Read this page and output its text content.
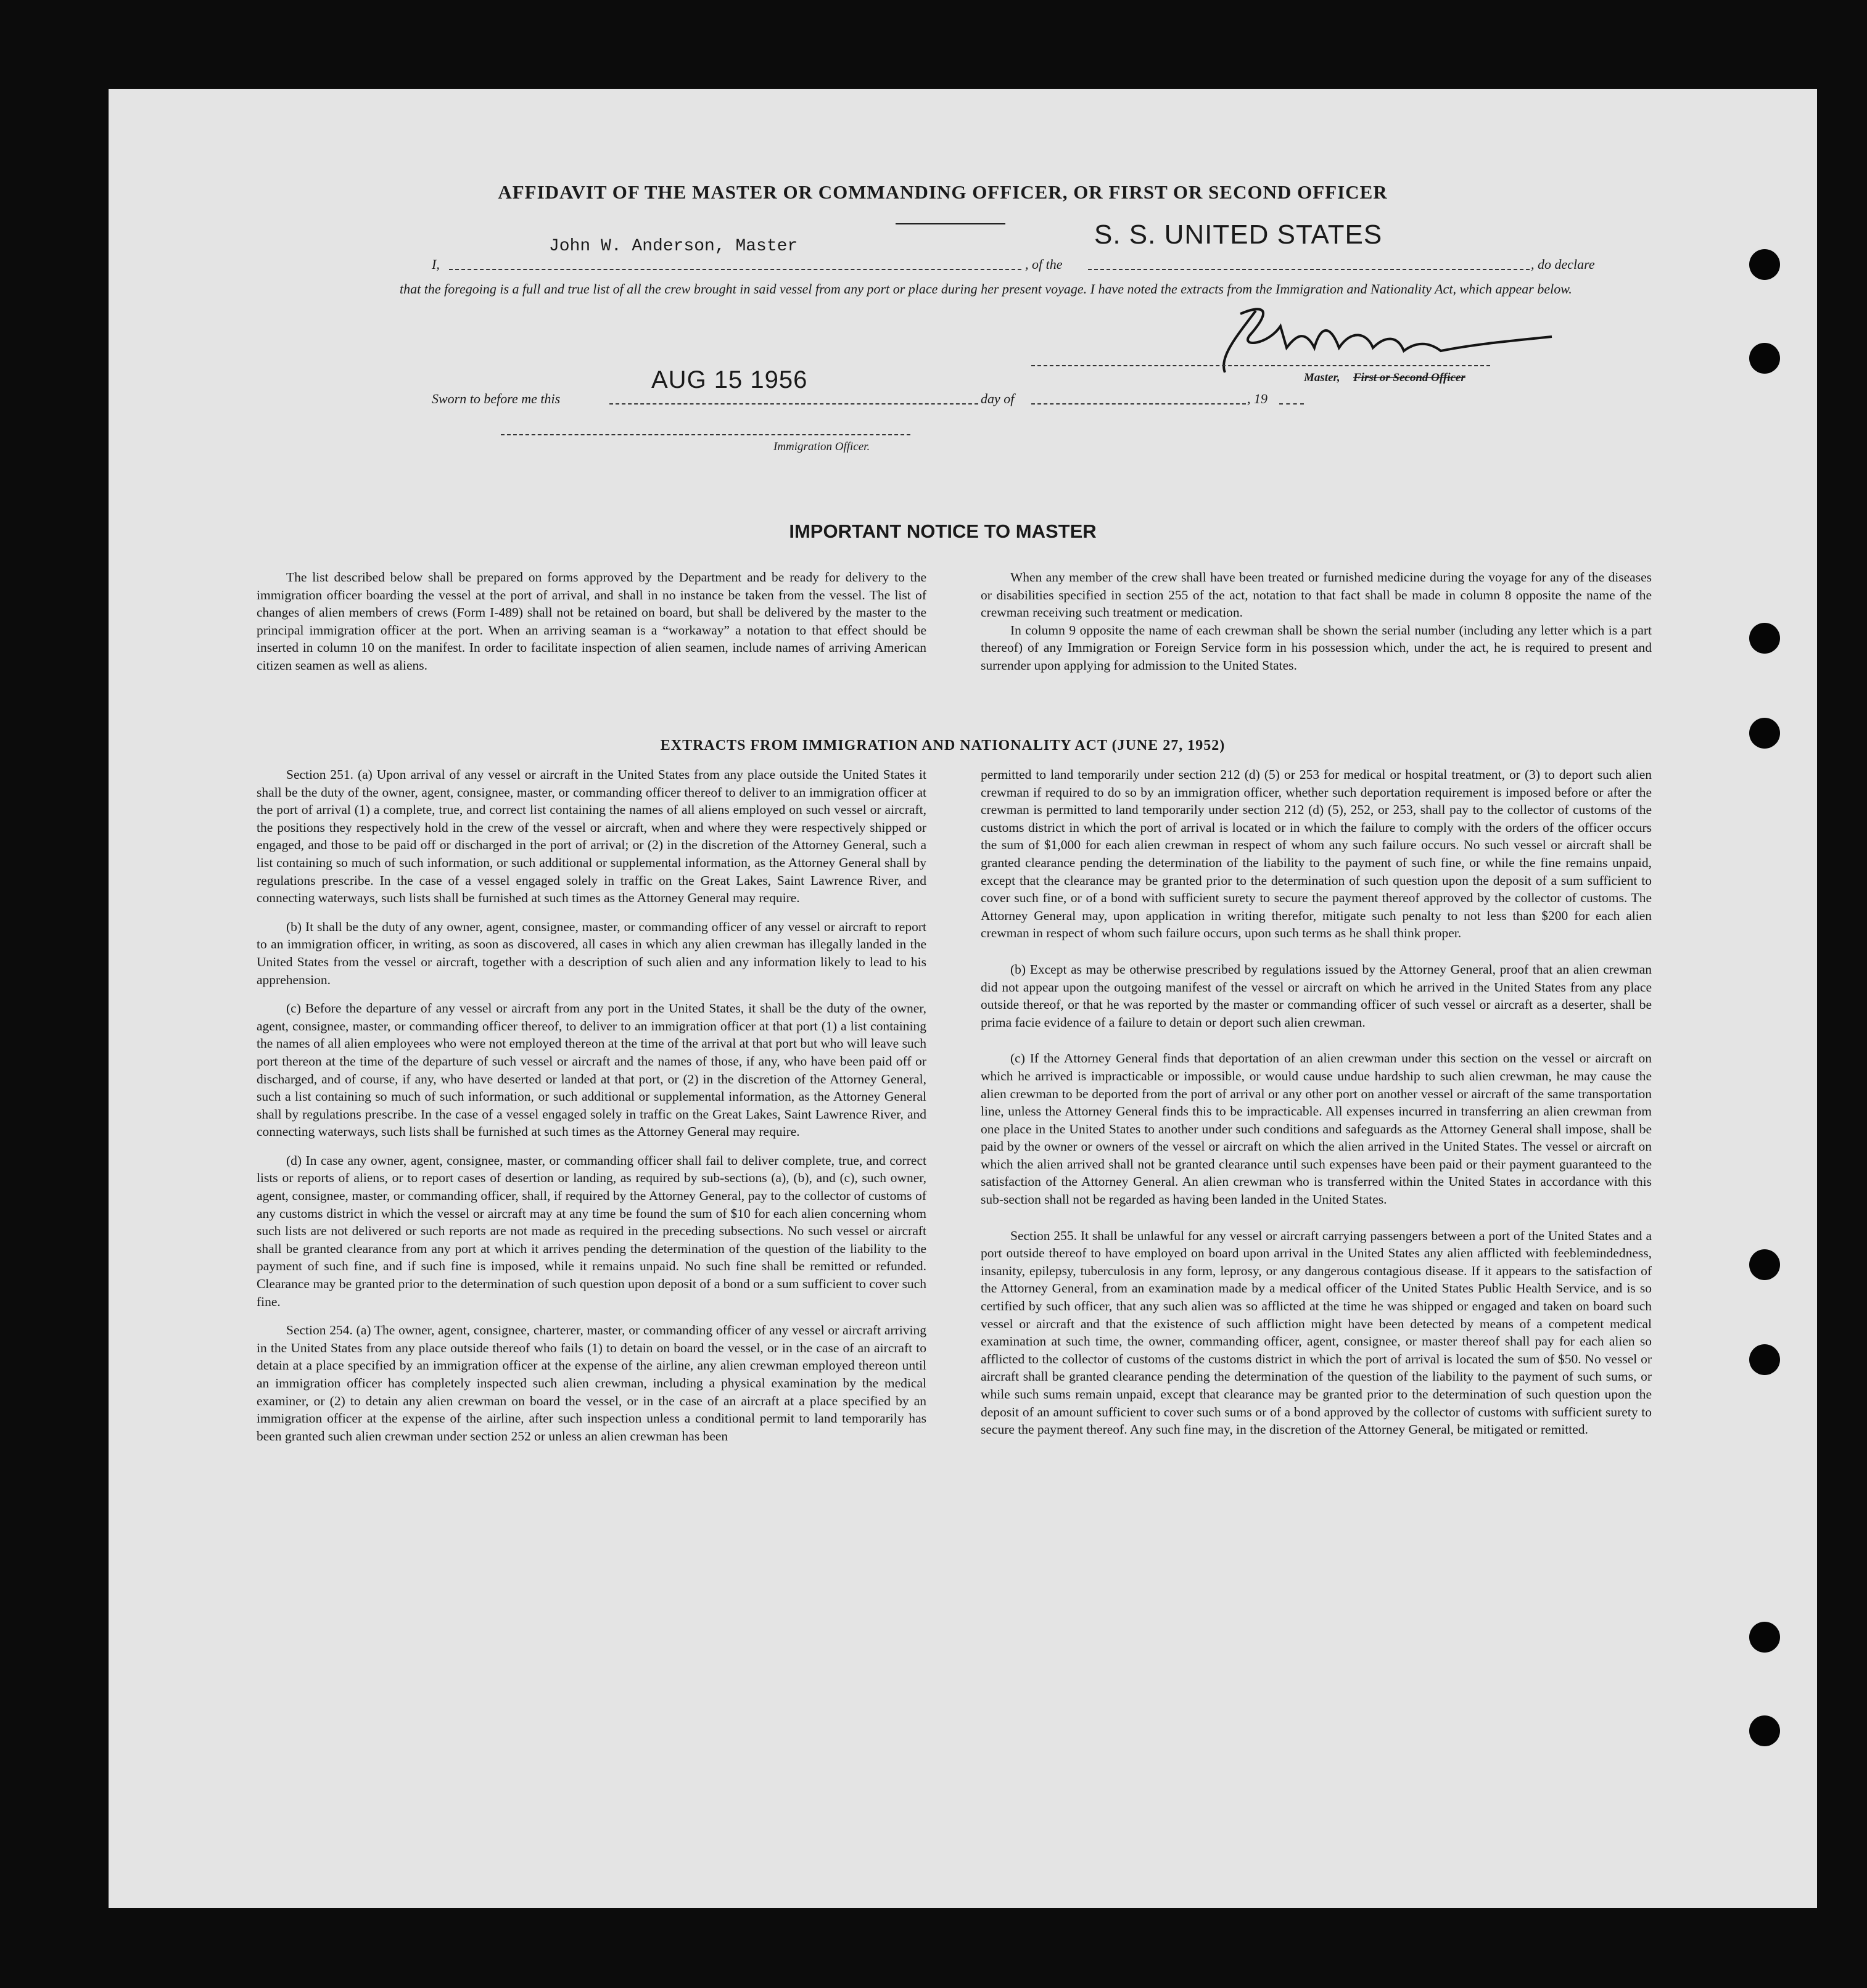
AFFIDAVIT OF THE MASTER OR COMMANDING OFFICER, OR FIRST OR SECOND OFFICER
John W. Anderson, Master	S. S. UNITED STATES
I,	, of the	, do declare
that the foregoing is a full and true list of all the crew brought in said vessel from any port or place during her present voyage. I have noted the extracts from the Immigration and Nationality Act, which appear below.
Master, First or Second Officer
AUG 15 1956
Sworn to before me this	day of	, 19
Immigration Officer.
IMPORTANT NOTICE TO MASTER

The list described below shall be prepared on forms approved by the Department and be ready for delivery to the immigration officer boarding the vessel at the port of arrival, and shall in no instance be taken from the vessel. The list of changes of alien members of crews (Form I-489) shall not be retained on board, but shall be delivered by the master to the principal immigration officer at the port. When an arriving seaman is a “workaway” a notation to that effect should be inserted in column 10 on the manifest. In order to facilitate inspection of alien seamen, include names of arriving American citizen seamen as well as aliens.

When any member of the crew shall have been treated or furnished medicine during the voyage for any of the diseases or disabilities specified in section 255 of the act, notation to that fact shall be made in column 8 opposite the name of the crewman receiving such treatment or medication.

In column 9 opposite the name of each crewman shall be shown the serial number (including any letter which is a part thereof) of any Immigration or Foreign Service form in his possession which, under the act, he is required to present and surrender upon applying for admission to the United States.

EXTRACTS FROM IMMIGRATION AND NATIONALITY ACT (JUNE 27, 1952)

Section 251. (a) Upon arrival of any vessel or aircraft in the United States from any place outside the United States it shall be the duty of the owner, agent, consignee, master, or commanding officer thereof to deliver to an immigration officer at the port of arrival (1) a complete, true, and correct list containing the names of all aliens employed on such vessel or aircraft, the positions they respectively hold in the crew of the vessel or aircraft, when and where they were respectively shipped or engaged, and those to be paid off or discharged in the port of arrival; or (2) in the discretion of the Attorney General, such a list containing so much of such information, or such additional or supplemental information, as the Attorney General shall by regulations prescribe. In the case of a vessel engaged solely in traffic on the Great Lakes, Saint Lawrence River, and connecting waterways, such lists shall be furnished at such times as the Attorney General may require.

(b) It shall be the duty of any owner, agent, consignee, master, or commanding officer of any vessel or aircraft to report to an immigration officer, in writing, as soon as discovered, all cases in which any alien crewman has illegally landed in the United States from the vessel or aircraft, together with a description of such alien and any information likely to lead to his apprehension.

(c) Before the departure of any vessel or aircraft from any port in the United States, it shall be the duty of the owner, agent, consignee, master, or commanding officer thereof, to deliver to an immigration officer at that port (1) a list containing the names of all alien employees who were not employed thereon at the time of the arrival at that port but who will leave such port thereon at the time of the departure of such vessel or aircraft and the names of those, if any, who have been paid off or discharged, and of course, if any, who have deserted or landed at that port, or (2) in the discretion of the Attorney General, such a list containing so much of such information, or such additional or supplemental information, as the Attorney General shall by regulations prescribe. In the case of a vessel engaged solely in traffic on the Great Lakes, Saint Lawrence River, and connecting waterways, such lists shall be furnished at such times as the Attorney General may require.

(d) In case any owner, agent, consignee, master, or commanding officer shall fail to deliver complete, true, and correct lists or reports of aliens, or to report cases of desertion or landing, as required by sub-sections (a), (b), and (c), such owner, agent, consignee, master, or commanding officer, shall, if required by the Attorney General, pay to the collector of customs of any customs district in which the vessel or aircraft may at any time be found the sum of $10 for each alien concerning whom such lists are not delivered or such reports are not made as required in the preceding subsections. No such vessel or aircraft shall be granted clearance from any port at which it arrives pending the determination of the question of the liability to the payment of such fine, and if such fine is imposed, while it remains unpaid. No such fine shall be remitted or refunded. Clearance may be granted prior to the determination of such question upon deposit of a bond or a sum sufficient to cover such fine.

Section 254. (a) The owner, agent, consignee, charterer, master, or commanding officer of any vessel or aircraft arriving in the United States from any place outside thereof who fails (1) to detain on board the vessel, or in the case of an aircraft to detain at a place specified by an immigration officer at the expense of the airline, any alien crewman employed thereon until an immigration officer has completely inspected such alien crewman, including a physical examination by the medical examiner, or (2) to detain any alien crewman on board the vessel, or in the case of an aircraft at a place specified by an immigration officer at the expense of the airline, after such inspection unless a conditional permit to land temporarily has been granted such alien crewman under section 252 or unless an alien crewman has been

permitted to land temporarily under section 212 (d) (5) or 253 for medical or hospital treatment, or (3) to deport such alien crewman if required to do so by an immigration officer, whether such deportation requirement is imposed before or after the crewman is permitted to land temporarily under section 212 (d) (5), 252, or 253, shall pay to the collector of customs of the customs district in which the port of arrival is located or in which the failure to comply with the orders of the officer occurs the sum of $1,000 for each alien crewman in respect of whom any such failure occurs. No such vessel or aircraft shall be granted clearance pending the determination of the liability to the payment of such fine, or while the fine remains unpaid, except that the clearance may be granted prior to the determination of such question upon the deposit of a sum sufficient to cover such fine, or of a bond with sufficient surety to secure the payment thereof approved by the collector of customs. The Attorney General may, upon application in writing therefor, mitigate such penalty to not less than $200 for each alien crewman in respect of whom such failure occurs, upon such terms as he shall think proper.

(b) Except as may be otherwise prescribed by regulations issued by the Attorney General, proof that an alien crewman did not appear upon the outgoing manifest of the vessel or aircraft on which he arrived in the United States from any place outside thereof, or that he was reported by the master or commanding officer of such vessel or aircraft as a deserter, shall be prima facie evidence of a failure to detain or deport such alien crewman.

(c) If the Attorney General finds that deportation of an alien crewman under this section on the vessel or aircraft on which he arrived is impracticable or impossible, or would cause undue hardship to such alien crewman, he may cause the alien crewman to be deported from the port of arrival or any other port on another vessel or aircraft of the same transportation line, unless the Attorney General finds this to be impracticable. All expenses incurred in transferring an alien crewman from one place in the United States to another under such conditions and safeguards as the Attorney General shall impose, shall be paid by the owner or owners of the vessel or aircraft on which the alien arrived in the United States. The vessel or aircraft on which the alien arrived shall not be granted clearance until such expenses have been paid or their payment guaranteed to the satisfaction of the Attorney General. An alien crewman who is transferred within the United States in accordance with this sub-section shall not be regarded as having been landed in the United States.

Section 255. It shall be unlawful for any vessel or aircraft carrying passengers between a port of the United States and a port outside thereof to have employed on board upon arrival in the United States any alien afflicted with feeblemindedness, insanity, epilepsy, tuberculosis in any form, leprosy, or any dangerous contagious disease. If it appears to the satisfaction of the Attorney General, from an examination made by a medical officer of the United States Public Health Service, and is so certified by such officer, that any such alien was so afflicted at the time he was shipped or engaged and taken on board such vessel or aircraft and that the existence of such affliction might have been detected by means of a competent medical examination at such time, the owner, commanding officer, agent, consignee, or master thereof shall pay for each alien so afflicted to the collector of customs of the customs district in which the port of arrival is located the sum of $50. No vessel or aircraft shall be granted clearance pending the determination of the question of the liability to the payment of such sums, or while such sums remain unpaid, except that clearance may be granted prior to the determination of such question upon the deposit of an amount sufficient to cover such sums or of a bond approved by the collector of customs with sufficient surety to secure the payment thereof. Any such fine may, in the discretion of the Attorney General, be mitigated or remitted.
